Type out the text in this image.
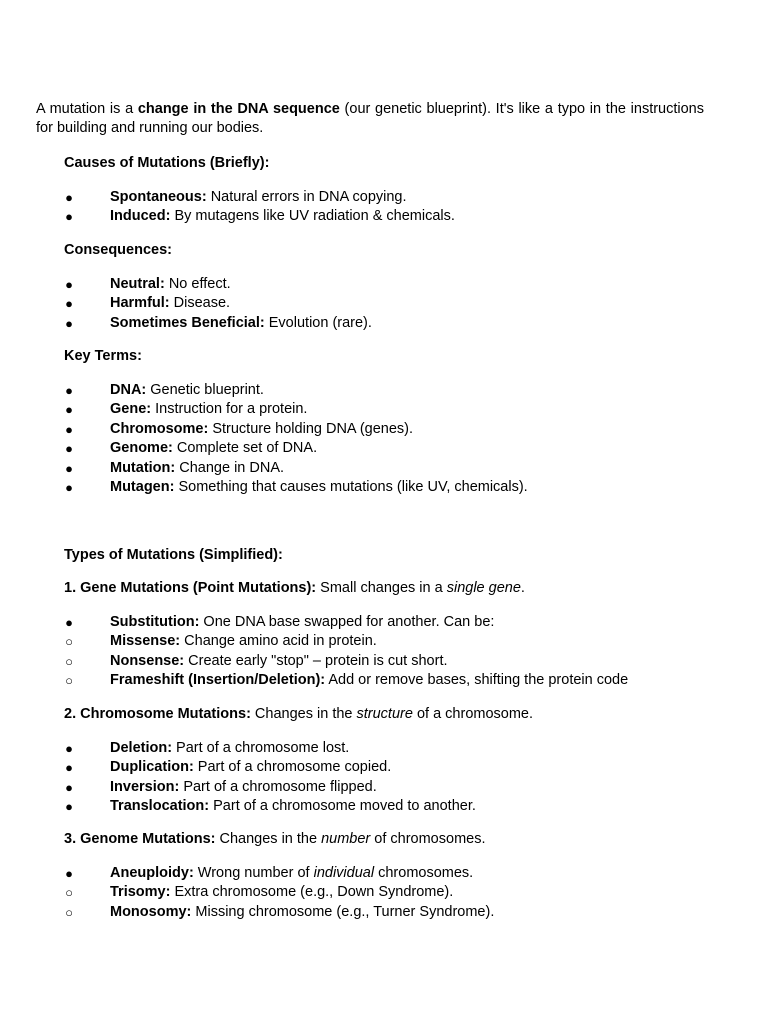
A mutation is a change in the DNA sequence (our genetic blueprint). It's like a typo in the instructions for building and running our bodies.

Causes of Mutations (Briefly):

●
Spontaneous: Natural errors in DNA copying.
●
Induced: By mutagens like UV radiation & chemicals.

Consequences:

●
Neutral: No effect.
●
Harmful: Disease.
●
Sometimes Beneficial: Evolution (rare).

Key Terms:

●
DNA: Genetic blueprint.
●
Gene: Instruction for a protein.
●
Chromosome: Structure holding DNA (genes).
●
Genome: Complete set of DNA.
●
Mutation: Change in DNA.
●
Mutagen: Something that causes mutations (like UV, chemicals).

Types of Mutations (Simplified):

1. Gene Mutations (Point Mutations): Small changes in a single gene.

●
Substitution: One DNA base swapped for another. Can be:
○
Missense: Change amino acid in protein.
○
Nonsense: Create early "stop" – protein is cut short.
○
Frameshift (Insertion/Deletion): Add or remove bases, shifting the protein code

2. Chromosome Mutations: Changes in the structure of a chromosome.

●
Deletion: Part of a chromosome lost.
●
Duplication: Part of a chromosome copied.
●
Inversion: Part of a chromosome flipped.
●
Translocation: Part of a chromosome moved to another.

3. Genome Mutations: Changes in the number of chromosomes.

●
Aneuploidy: Wrong number of individual chromosomes.
○
Trisomy: Extra chromosome (e.g., Down Syndrome).
○
Monosomy: Missing chromosome (e.g., Turner Syndrome).
